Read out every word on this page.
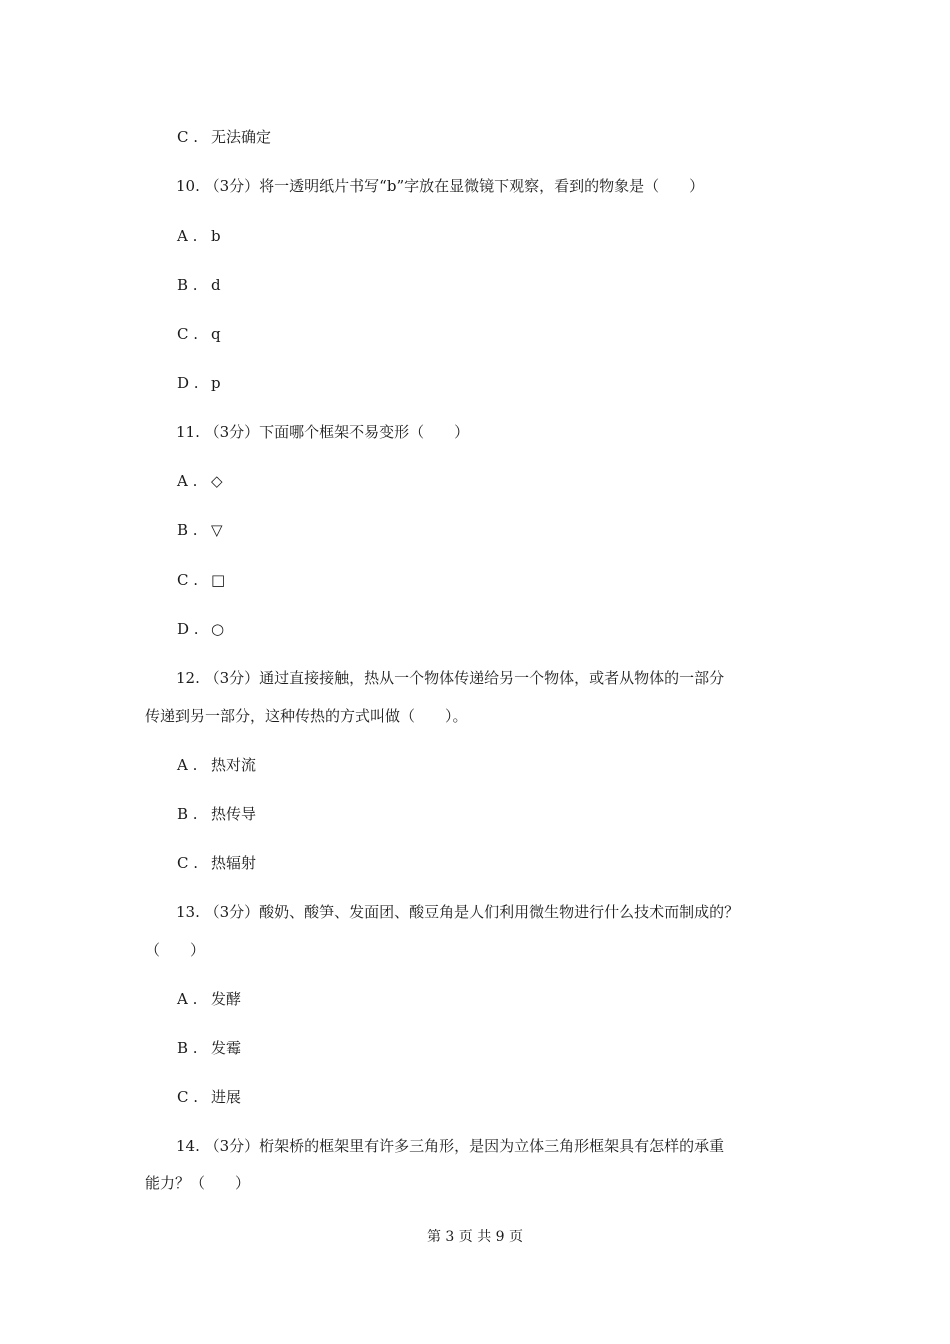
C . 无法确定
10. （3分）将一透明纸片书写“b”字放在显微镜下观察，看到的物象是（　　）
A . b
B . d
C . q
D . p
11. （3分）下面哪个框架不易变形（　　）
A . ◇
B . ▽
C . □
D . ○
12. （3分）通过直接接触，热从一个物体传递给另一个物体，或者从物体的一部分
传递到另一部分，这种传热的方式叫做（　　）。
A . 热对流
B . 热传导
C . 热辐射
13. （3分）酸奶、酸笋、发面团、酸豆角是人们利用微生物进行什么技术而制成的？
（　　）
A . 发酵
B . 发霉
C . 进展
14. （3分）桁架桥的框架里有许多三角形，是因为立体三角形框架具有怎样的承重
能力？（　　）
第 3 页 共 9 页
